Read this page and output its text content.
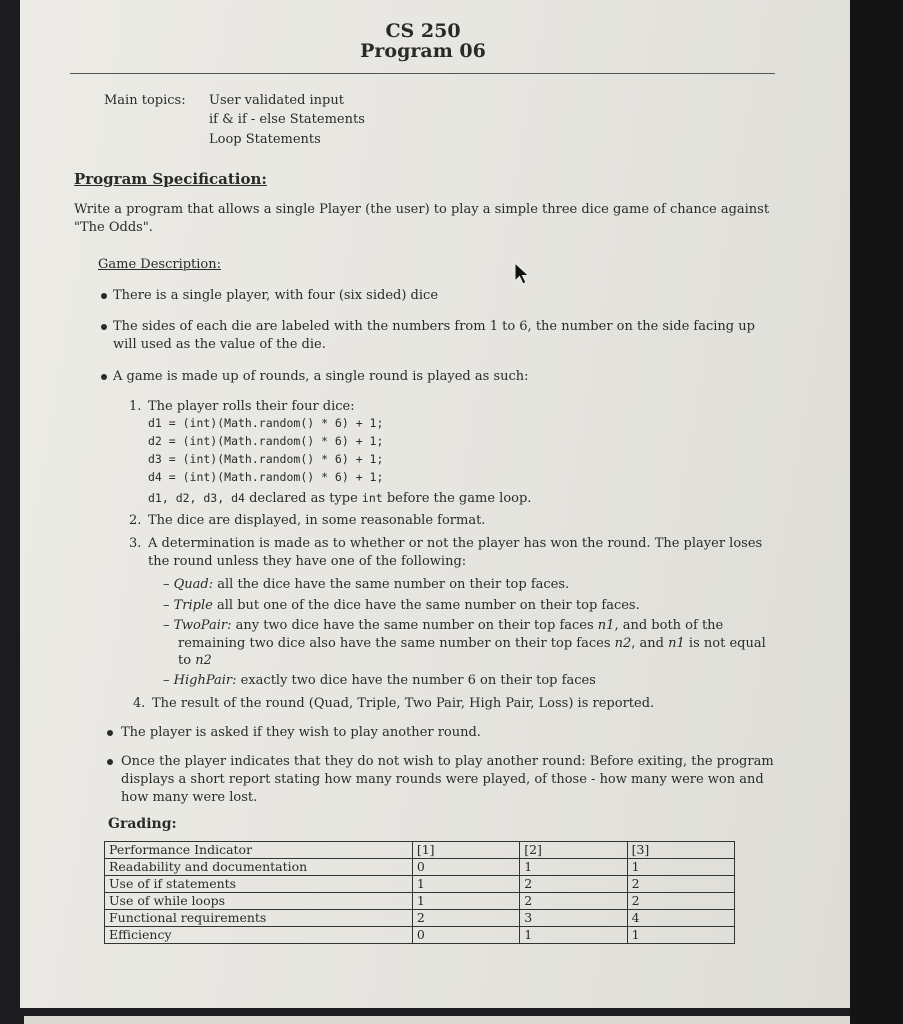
CS 250
Program 06
Main topics: User validated input
if & if - else Statements
Loop Statements
Program Specification:
Write a program that allows a single Player (the user) to play a simple three dice game of chance against
"The Odds".
Game Description:
There is a single player, with four (six sided) dice
The sides of each die are labeled with the numbers from 1 to 6, the number on the side facing up
will used as the value of the die.
A game is made up of rounds, a single round is played as such:
1. The player rolls their four dice:
d1 = (int)(Math.random() * 6) + 1;
d2 = (int)(Math.random() * 6) + 1;
d3 = (int)(Math.random() * 6) + 1;
d4 = (int)(Math.random() * 6) + 1;
d1, d2, d3, d4 declared as type int before the game loop.
2. The dice are displayed, in some reasonable format.
3. A determination is made as to whether or not the player has won the round. The player loses
the round unless they have one of the following:
– Quad: all the dice have the same number on their top faces.
– Triple all but one of the dice have the same number on their top faces.
– TwoPair: any two dice have the same number on their top faces n1, and both of the
remaining two dice also have the same number on their top faces n2, and n1 is not equal
to n2
– HighPair: exactly two dice have the number 6 on their top faces
4. The result of the round (Quad, Triple, Two Pair, High Pair, Loss) is reported.
The player is asked if they wish to play another round.
Once the player indicates that they do not wish to play another round: Before exiting, the program
displays a short report stating how many rounds were played, of those - how many were won and
how many were lost.
Grading:
Performance Indicator	[1]	[2]	[3]
Readability and documentation	0	1	1
Use of if statements	1	2	2
Use of while loops	1	2	2
Functional requirements	2	3	4
Efficiency	0	1	1
